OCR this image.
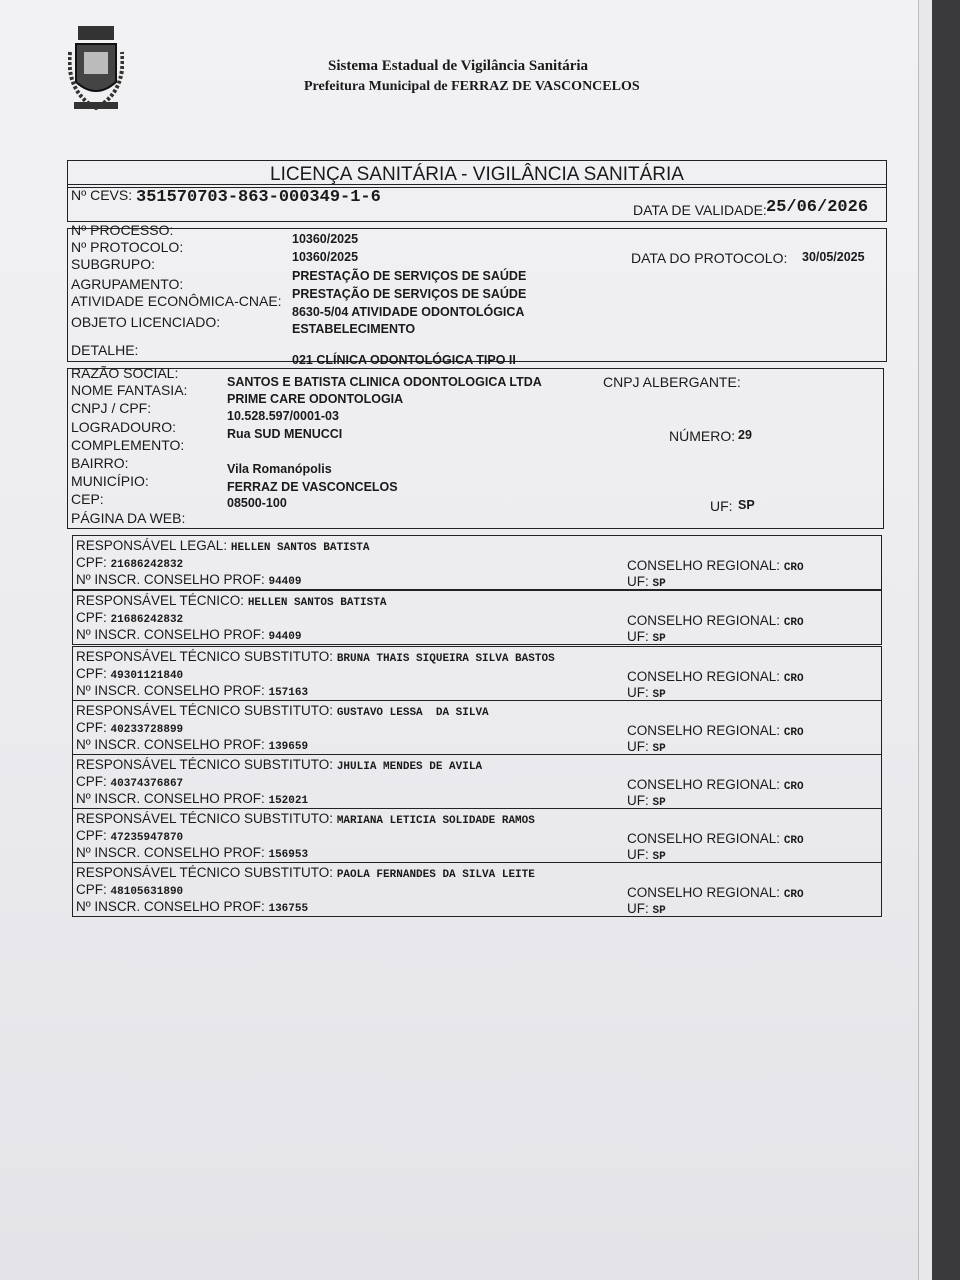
Sistema Estadual de Vigilância Sanitária
Prefeitura Municipal de FERRAZ DE VASCONCELOS
LICENÇA SANITÁRIA - VIGILÂNCIA SANITÁRIA
Nº CEVS: 351570703-863-000349-1-6
DATA DE VALIDADE: 25/06/2026
Nº PROCESSO:
Nº PROTOCOLO:
SUBGRUPO:
AGRUPAMENTO:
ATIVIDADE ECONÔMICA-CNAE:
OBJETO LICENCIADO:
DETALHE:
10360/2025
10360/2025
PRESTAÇÃO DE SERVIÇOS DE SAÚDE
PRESTAÇÃO DE SERVIÇOS DE SAÚDE
8630-5/04 ATIVIDADE ODONTOLÓGICA
ESTABELECIMENTO
021 CLÍNICA ODONTOLÓGICA TIPO II
DATA DO PROTOCOLO: 30/05/2025
RAZÃO SOCIAL:
NOME FANTASIA:
CNPJ / CPF:
LOGRADOURO:
COMPLEMENTO:
BAIRRO:
MUNICÍPIO:
CEP:
PÁGINA DA WEB:
SANTOS E BATISTA CLINICA ODONTOLOGICA LTDA
PRIME CARE ODONTOLOGIA
10.528.597/0001-03
Rua SUD MENUCCI
Vila Romanópolis
FERRAZ DE VASCONCELOS
08500-100
CNPJ ALBERGANTE:
NÚMERO: 29
UF: SP
RESPONSÁVEL LEGAL: HELLEN SANTOS BATISTA
CPF: 21686242832
Nº INSCR. CONSELHO PROF: 94409
CONSELHO REGIONAL: CRO
UF: SP
RESPONSÁVEL TÉCNICO: HELLEN SANTOS BATISTA
CPF: 21686242832
Nº INSCR. CONSELHO PROF: 94409
CONSELHO REGIONAL: CRO
UF: SP
RESPONSÁVEL TÉCNICO SUBSTITUTO: BRUNA THAIS SIQUEIRA SILVA BASTOS
CPF: 49301121840
Nº INSCR. CONSELHO PROF: 157163
CONSELHO REGIONAL: CRO
UF: SP
RESPONSÁVEL TÉCNICO SUBSTITUTO: GUSTAVO LESSA  DA SILVA
CPF: 40233728899
Nº INSCR. CONSELHO PROF: 139659
CONSELHO REGIONAL: CRO
UF: SP
RESPONSÁVEL TÉCNICO SUBSTITUTO: JHULIA MENDES DE AVILA
CPF: 40374376867
Nº INSCR. CONSELHO PROF: 152021
CONSELHO REGIONAL: CRO
UF: SP
RESPONSÁVEL TÉCNICO SUBSTITUTO: MARIANA LETICIA SOLIDADE RAMOS
CPF: 47235947870
Nº INSCR. CONSELHO PROF: 156953
CONSELHO REGIONAL: CRO
UF: SP
RESPONSÁVEL TÉCNICO SUBSTITUTO: PAOLA FERNANDES DA SILVA LEITE
CPF: 48105631890
Nº INSCR. CONSELHO PROF: 136755
CONSELHO REGIONAL: CRO
UF: SP
